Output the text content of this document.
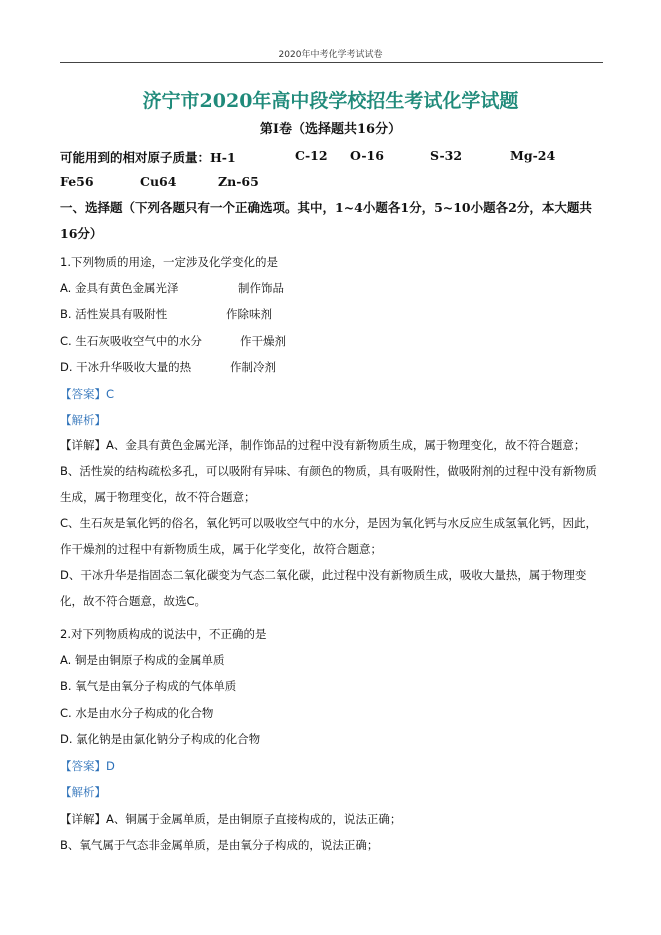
2020年中考化学考试试卷
济宁市2020年高中段学校招生考试化学试题
第Ⅰ卷（选择题共16分）
可能用到的相对原子质量：H-1	C-12 O-16	S-32	Mg-24
Fe56	Cu64	Zn-65
一、选择题（下列各题只有一个正确选项。其中，1~4小题各1分，5~10小题各2分，本大题共16分）
1.下列物质的用途，一定涉及化学变化的是
A. 金具有黄色金属光泽	制作饰品
B. 活性炭具有吸附性	作除味剂
C. 生石灰吸收空气中的水分	作干燥剂
D. 干冰升华吸收大量的热	作制冷剂
【答案】C
【解析】
【详解】A、金具有黄色金属光泽，制作饰品的过程中没有新物质生成，属于物理变化，故不符合题意；
B、活性炭的结构疏松多孔，可以吸附有异味、有颜色的物质，具有吸附性，做吸附剂的过程中没有新物质生成，属于物理变化，故不符合题意；
C、生石灰是氧化钙的俗名，氧化钙可以吸收空气中的水分，是因为氧化钙与水反应生成氢氧化钙，因此，作干燥剂的过程中有新物质生成，属于化学变化，故符合题意；
D、干冰升华是指固态二氧化碳变为气态二氧化碳，此过程中没有新物质生成，吸收大量热，属于物理变化，故不符合题意，故选C。
2.对下列物质构成的说法中，不正确的是
A. 铜是由铜原子构成的金属单质
B. 氧气是由氧分子构成的气体单质
C. 水是由水分子构成的化合物
D. 氯化钠是由氯化钠分子构成的化合物
【答案】D
【解析】
【详解】A、铜属于金属单质，是由铜原子直接构成的，说法正确；
B、氧气属于气态非金属单质，是由氧分子构成的，说法正确；
